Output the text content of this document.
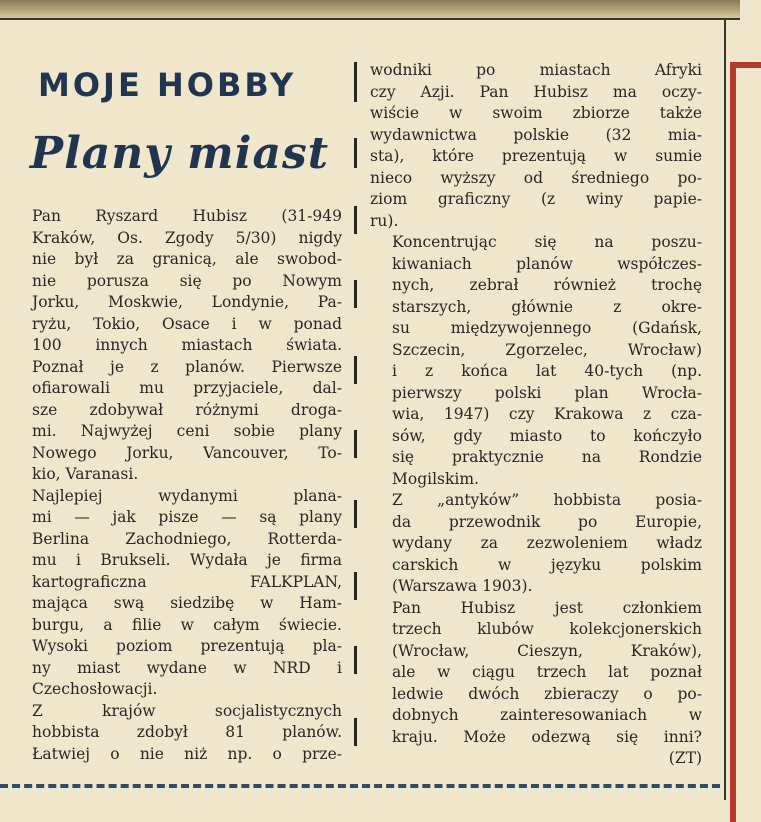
MOJE HOBBY
Plany miast

Pan Ryszard Hubisz (31-949
Kraków, Os. Zgody 5/30) nigdy
nie był za granicą, ale swobod-
nie porusza się po Nowym
Jorku, Moskwie, Londynie, Pa-
ryżu, Tokio, Osace i w ponad
100 innych miastach świata.
Poznał je z planów. Pierwsze
ofiarowali mu przyjaciele, dal-
sze zdobywał różnymi droga-
mi. Najwyżej ceni sobie plany
Nowego Jorku, Vancouver, To-
kio, Varanasi.

Najlepiej wydanymi plana-
mi — jak pisze — są plany
Berlina Zachodniego, Rotterda-
mu i Brukseli. Wydała je firma
kartograficzna FALKPLAN,
mająca swą siedzibę w Ham-
burgu, a filie w całym świecie.
Wysoki poziom prezentują pla-
ny miast wydane w NRD i
Czechosłowacji.

Z krajów socjalistycznych
hobbista zdobył 81 planów.
Łatwiej o nie niż np. o prze-

wodniki po miastach Afryki
czy Azji. Pan Hubisz ma oczy-
wiście w swoim zbiorze także
wydawnictwa polskie (32 mia-
sta), które prezentują w sumie
nieco wyższy od średniego po-
ziom graficzny (z winy papie-
ru).

Koncentrując się na poszu-
kiwaniach planów współczes-
nych, zebrał również trochę
starszych, głównie z okre-
su międzywojennego (Gdańsk,
Szczecin, Zgorzelec, Wrocław)
i z końca lat 40-tych (np.
pierwszy polski plan Wrocła-
wia, 1947) czy Krakowa z cza-
sów, gdy miasto to kończyło
się praktycznie na Rondzie
Mogilskim.

Z „antyków” hobbista posia-
da przewodnik po Europie,
wydany za zezwoleniem władz
carskich w języku polskim
(Warszawa 1903).

Pan Hubisz jest członkiem
trzech klubów kolekcjonerskich
(Wrocław, Cieszyn, Kraków),
ale w ciągu trzech lat poznał
ledwie dwóch zbieraczy o po-
dobnych zainteresowaniach w
kraju. Może odezwą się inni?
(ZT)
